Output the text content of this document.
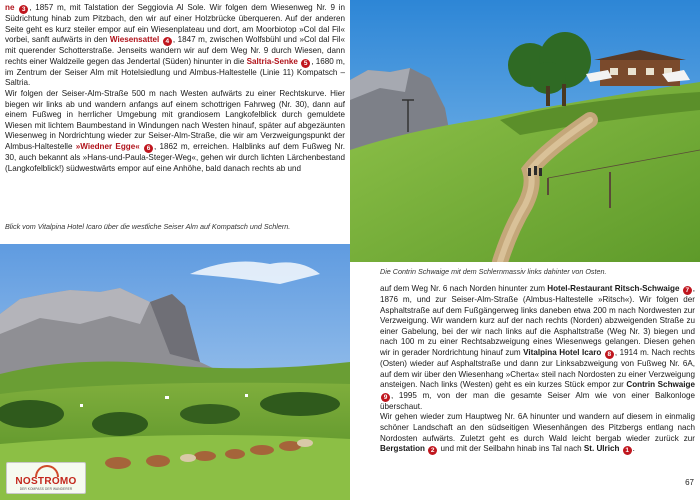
ne 3 , 1857 m, mit Talstation der Seggiovia Al Sole. Wir folgen dem Wiesenweg Nr. 9 in Südrichtung hinab zum Pitzbach, den wir auf einer Holzbrücke überqueren. Auf der anderen Seite geht es kurz steiler empor auf ein Wiesenplateau und dort, am Moorbiotop »Col dal Fil« vorbei, sanft aufwärts in den Wiesensattel 4 , 1847 m, zwischen Wolfsbühl und »Col dal Fil« mit querender Schotterstraße. Jenseits wandern wir auf dem Weg Nr. 9 durch Wiesen, dann rechts einer Waldzeile gegen das Jendertal (Süden) hinunter in die Saltria-Senke 5 , 1680 m, im Zentrum der Seiser Alm mit Hotelsiedlung und Almbus-Haltestelle (Linie 11) Kompatsch – Saltria.

Wir folgen der Seiser-Alm-Straße 500 m nach Westen aufwärts zu einer Rechtskurve. Hier biegen wir links ab und wandern anfangs auf einem schottrigen Fahrweg (Nr. 30), dann auf einem Fußweg in herrlicher Umgebung mit grandiosem Langkofelblick durch gemuldete Wiesen mit lichtem Baumbestand in Windungen nach Westen hinauf, später auf abgezäunten Wiesenweg in Nordrichtung wieder zur Seiser-Alm-Straße, die wir am Verzweigungspunkt der Almbus-Haltestelle »Wiedner Egge« 6 , 1862 m, erreichen. Halblinks auf dem Fußweg Nr. 30, auch bekannt als »Hans-und-Paula-Steger-Weg«, gehen wir durch lichten Lärchenbestand (Langkofelblick!) südwestwärts empor auf eine Anhöhe, bald danach rechts ab und

Blick vom Vitalpina Hotel Icaro über die westliche Seiser Alm auf Kompatsch und Schlern.
NOSTROMO
DER KOMPASS DER WANDERER

auf dem Weg Nr. 6 nach Norden hinunter zum Hotel-Restaurant Ritsch-Schwaige 7 , 1876 m, und zur Seiser-Alm-Straße (Almbus-Haltestelle »Ritsch«). Wir folgen der Asphaltstraße auf dem Fußgängerweg links daneben etwa 200 m nach Nordwesten zur Verzweigung. Wir wandern kurz auf der nach rechts (Norden) abzweigenden Straße zu einer Gabelung, bei der wir nach links auf die Asphaltstraße (Weg Nr. 3) biegen und nach 100 m zu einer Rechtsabzweigung eines Wiesenwegs gelangen. Diesen gehen wir in gerader Nordrichtung hinauf zum Vitalpina Hotel Icaro 8 , 1914 m. Nach rechts (Osten) wieder auf Asphaltstraße und dann zur Linksabzweigung von Fußweg Nr. 6A, auf dem wir über den Wiesenhang »Cherta« steil nach Nordosten zu einer Verzweigung ansteigen. Nach links (Westen) geht es ein kurzes Stück empor zur Contrin Schwaige 9 , 1995 m, von der man die gesamte Seiser Alm wie von einer Balkonloge überschaut.

Wir gehen wieder zum Hauptweg Nr. 6A hinunter und wandern auf diesem in einmalig schöner Landschaft an den südseitigen Wiesenhängen des Pitzbergs entlang nach Nordosten aufwärts. Zuletzt geht es durch Wald leicht bergab wieder zurück zur Bergstation 2 und mit der Seilbahn hinab ins Tal nach St. Ulrich 1 .

67
Die Contrin Schwaige mit dem Schlernmassiv links dahinter von Osten.
